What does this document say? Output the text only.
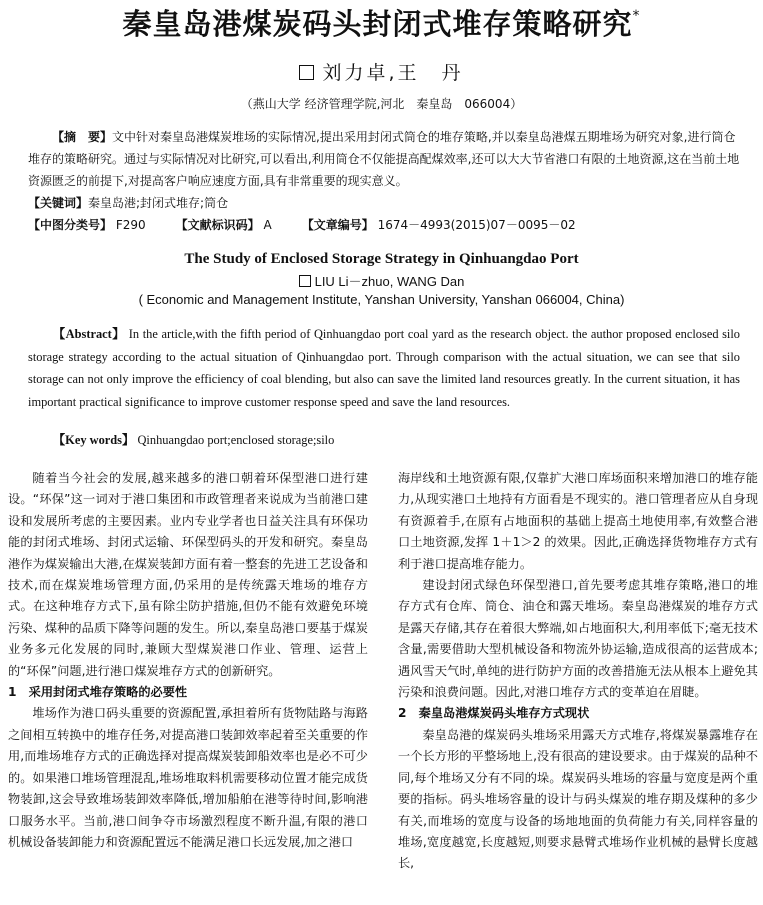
秦皇岛港煤炭码头封闭式堆存策略研究*
刘力卓,王　丹
（燕山大学 经济管理学院,河北　秦皇岛　066004）
【摘　要】文中针对秦皇岛港煤炭堆场的实际情况,提出采用封闭式筒仓的堆存策略,并以秦皇岛港煤五期堆场为研究对象,进行筒仓堆存的策略研究。通过与实际情况对比研究,可以看出,利用筒仓不仅能提高配煤效率,还可以大大节省港口有限的土地资源,这在当前土地资源匮乏的前提下,对提高客户响应速度方面,具有非常重要的现实意义。
【关键词】秦皇岛港;封闭式堆存;筒仓
【中图分类号】 F290	【文献标识码】 A	【文章编号】 1674－4993(2015)07－0095－02
The Study of Enclosed Storage Strategy in Qinhuangdao Port
LIU Li－zhuo, WANG Dan
( Economic and Management Institute, Yanshan University, Yanshan 066004, China)
【Abstract】 In the article,with the fifth period of Qinhuangdao port coal yard as the research object. the author proposed enclosed silo storage strategy according to the actual situation of Qinhuangdao port. Through comparison with the actual situation, we can see that silo storage can not only improve the efficiency of coal blending, but also can save the limited land resources greatly. In the current situation, it has important practical significance to improve customer response speed and save the land resources.
【Key words】 Qinhuangdao port;enclosed storage;silo

随着当今社会的发展,越来越多的港口朝着环保型港口进行建设。“环保”这一词对于港口集团和市政管理者来说成为当前港口建设和发展所考虑的主要因素。业内专业学者也日益关注具有环保功能的封闭式堆场、封闭式运输、环保型码头的开发和研究。秦皇岛港作为煤炭输出大港,在煤炭装卸方面有着一整套的先进工艺设备和技术,而在煤炭堆场管理方面,仍采用的是传统露天堆场的堆存方式。在这种堆存方式下,虽有除尘防护措施,但仍不能有效避免环境污染、煤种的品质下降等问题的发生。所以,秦皇岛港口要基于煤炭业务多元化发展的同时,兼顾大型煤炭港口作业、管理、运营上的“环保”问题,进行港口煤炭堆存方式的创新研究。

1　采用封闭式堆存策略的必要性

堆场作为港口码头重要的资源配置,承担着所有货物陆路与海路之间相互转换中的堆存任务,对提高港口装卸效率起着至关重要的作用,而堆场堆存方式的正确选择对提高煤炭装卸船效率也是必不可少的。如果港口堆场管理混乱,堆场堆取料机需要移动位置才能完成货物装卸,这会导致堆场装卸效率降低,增加船舶在港等待时间,影响港口服务水平。当前,港口间争夺市场激烈程度不断升温,有限的港口机械设备装卸能力和资源配置远不能满足港口长远发展,加之港口

海岸线和土地资源有限,仅靠扩大港口库场面积来增加港口的堆存能力,从现实港口土地持有方面看是不现实的。港口管理者应从自身现有资源着手,在原有占地面积的基础上提高土地使用率,有效整合港口土地资源,发挥 1＋1＞2 的效果。因此,正确选择货物堆存方式有利于港口提高堆存能力。

建设封闭式绿色环保型港口,首先要考虑其堆存策略,港口的堆存方式有仓库、筒仓、油仓和露天堆场。秦皇岛港煤炭的堆存方式是露天存储,其存在着很大弊端,如占地面积大,利用率低下;毫无技术含量,需要借助大型机械设备和物流外协运输,造成很高的运营成本;遇风雪天气时,单纯的进行防护方面的改善措施无法从根本上避免其污染和浪费问题。因此,对港口堆存方式的变革迫在眉睫。

2　秦皇岛港煤炭码头堆存方式现状

秦皇岛港的煤炭码头堆场采用露天方式堆存,将煤炭暴露堆存在一个长方形的平整场地上,没有很高的建设要求。由于煤炭的品种不同,每个堆场又分有不同的垛。煤炭码头堆场的容量与宽度是两个重要的指标。码头堆场容量的设计与码头煤炭的堆存期及煤种的多少有关,而堆场的宽度与设备的场地地面的负荷能力有关,同样容量的堆场,宽度越宽,长度越短,则要求悬臂式堆场作业机械的悬臂长度越长,
